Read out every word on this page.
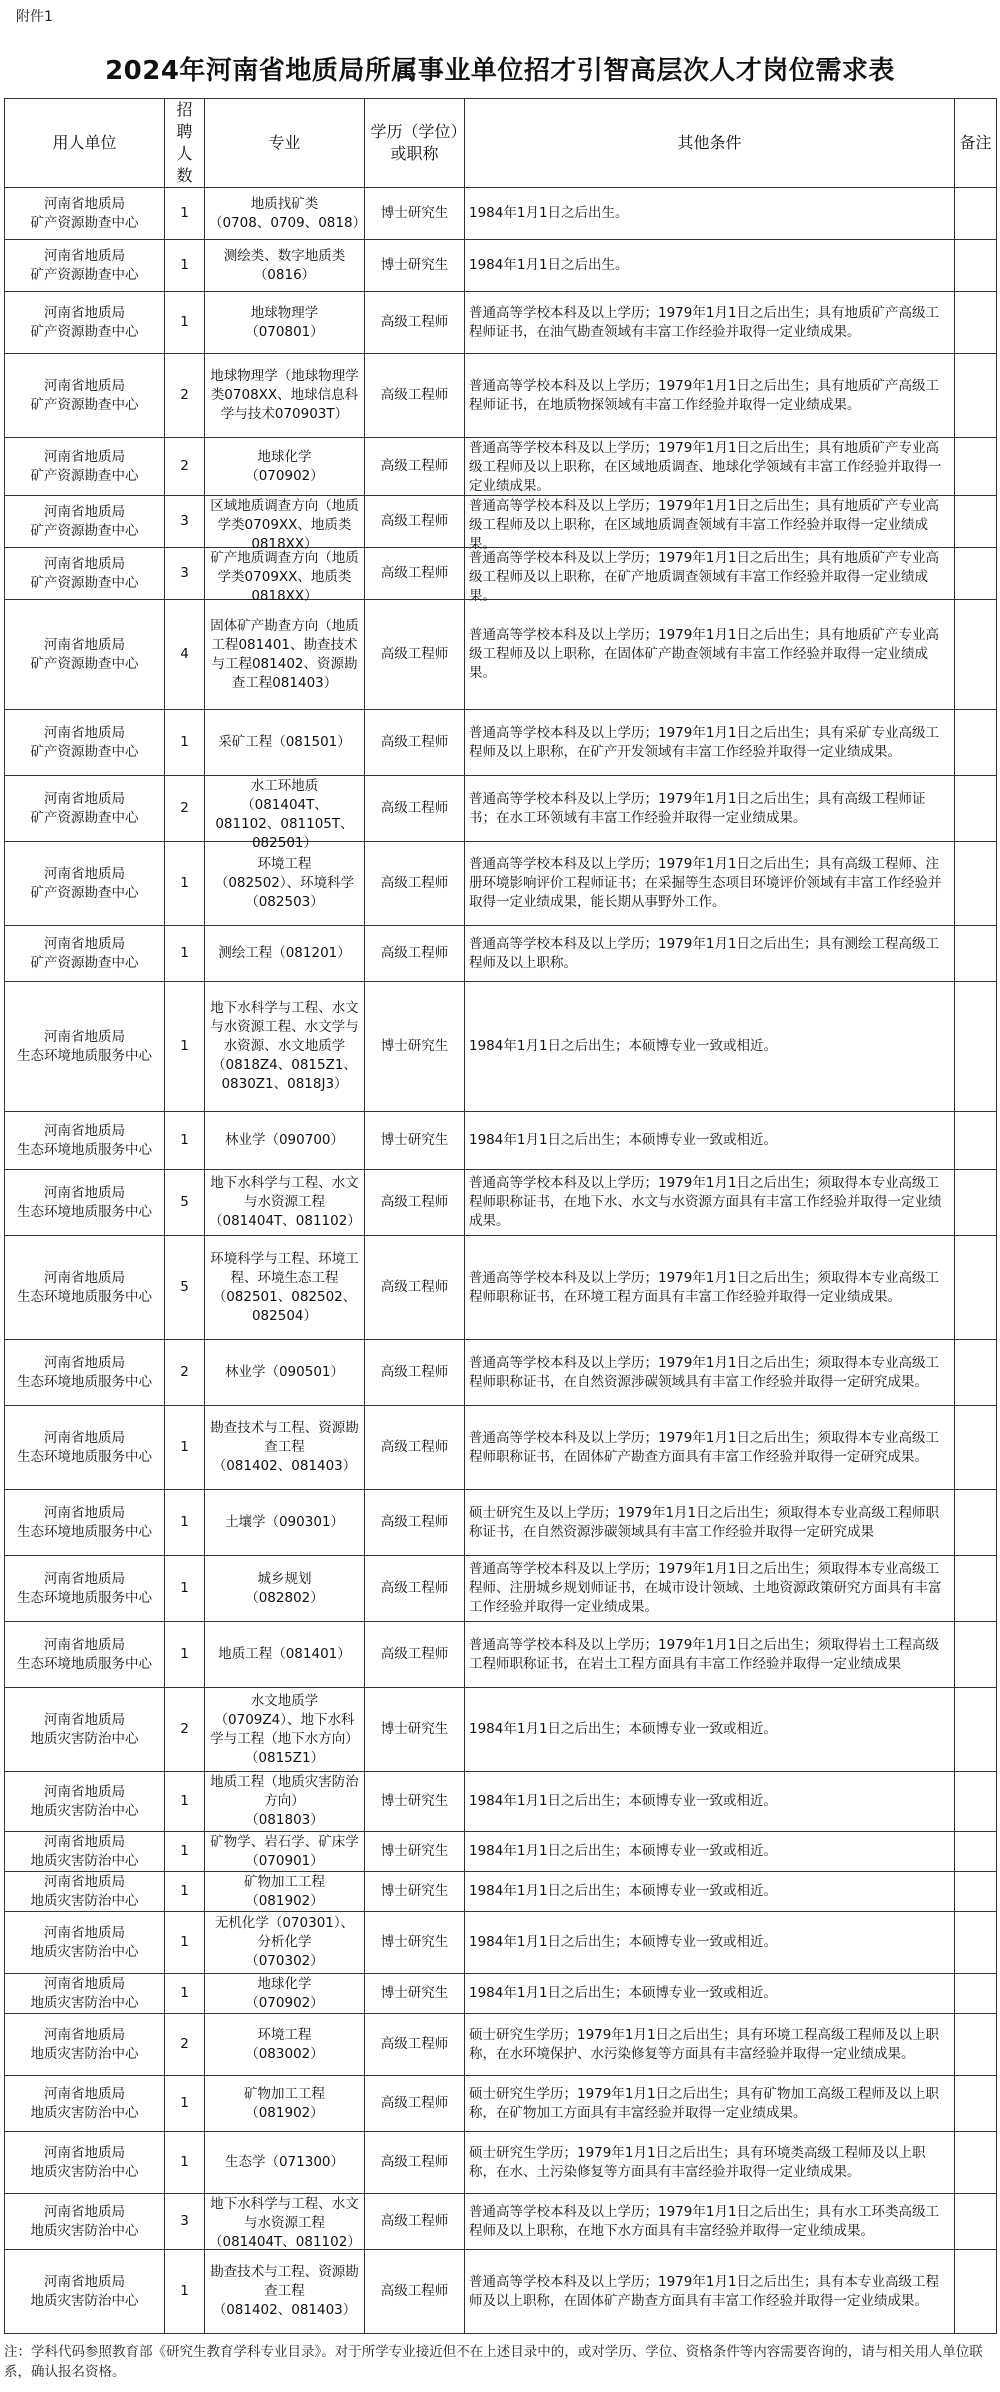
附件1
2024年河南省地质局所属事业单位招才引智高层次人才岗位需求表
用人单位	招聘人数	专业	学历（学位）或职称	其他条件	备注

河南省地质局
矿产资源勘查中心	1	地质找矿类
（0708、0709、0818）	博士研究生	1984年1月1日之后出生。	

河南省地质局
矿产资源勘查中心	1	测绘类、数字地质类
（0816）	博士研究生	1984年1月1日之后出生。	

河南省地质局
矿产资源勘查中心	1	地球物理学
（070801）	高级工程师	普通高等学校本科及以上学历；1979年1月1日之后出生；具有地质矿产高级工程师证书，在油气勘查领域有丰富工作经验并取得一定业绩成果。	

河南省地质局
矿产资源勘查中心	2	地球物理学（地球物理学类0708XX、地球信息科学与技术070903T）	高级工程师	普通高等学校本科及以上学历；1979年1月1日之后出生；具有地质矿产高级工程师证书，在地质物探领域有丰富工作经验并取得一定业绩成果。	

河南省地质局
矿产资源勘查中心	2	地球化学
（070902）	高级工程师	普通高等学校本科及以上学历；1979年1月1日之后出生；具有地质矿产专业高级工程师及以上职称，在区域地质调查、地球化学领域有丰富工作经验并取得一定业绩成果。	

河南省地质局
矿产资源勘查中心	3	区域地质调查方向（地质学类0709XX、地质类0818XX）	高级工程师	普通高等学校本科及以上学历；1979年1月1日之后出生；具有地质矿产专业高级工程师及以上职称，在区域地质调查领域有丰富工作经验并取得一定业绩成果。	

河南省地质局
矿产资源勘查中心	3	矿产地质调查方向（地质学类0709XX、地质类0818XX）	高级工程师	普通高等学校本科及以上学历；1979年1月1日之后出生；具有地质矿产专业高级工程师及以上职称，在矿产地质调查领域有丰富工作经验并取得一定业绩成果。	

河南省地质局
矿产资源勘查中心	4	固体矿产勘查方向（地质工程081401、勘查技术与工程081402、资源勘查工程081403）	高级工程师	普通高等学校本科及以上学历；1979年1月1日之后出生；具有地质矿产专业高级工程师及以上职称，在固体矿产勘查领域有丰富工作经验并取得一定业绩成果。	

河南省地质局
矿产资源勘查中心	1	采矿工程（081501）	高级工程师	普通高等学校本科及以上学历；1979年1月1日之后出生；具有采矿专业高级工程师及以上职称，在矿产开发领域有丰富工作经验并取得一定业绩成果。	

河南省地质局
矿产资源勘查中心	2	水工环地质
（081404T、081102、081105T、082501）	高级工程师	普通高等学校本科及以上学历；1979年1月1日之后出生；具有高级工程师证书；在水工环领域有丰富工作经验并取得一定业绩成果。	

河南省地质局
矿产资源勘查中心	1	环境工程
（082502）、环境科学（082503）	高级工程师	普通高等学校本科及以上学历；1979年1月1日之后出生；具有高级工程师、注册环境影响评价工程师证书；在采掘等生态项目环境评价领域有丰富工作经验并取得一定业绩成果，能长期从事野外工作。	

河南省地质局
矿产资源勘查中心	1	测绘工程（081201）	高级工程师	普通高等学校本科及以上学历；1979年1月1日之后出生；具有测绘工程高级工程师及以上职称。	

河南省地质局
生态环境地质服务中心	1	地下水科学与工程、水文与水资源工程、水文学与水资源、水文地质学
（0818Z4、0815Z1、0830Z1、0818J3）	博士研究生	1984年1月1日之后出生；本硕博专业一致或相近。	

河南省地质局
生态环境地质服务中心	1	林业学（090700）	博士研究生	1984年1月1日之后出生；本硕博专业一致或相近。	

河南省地质局
生态环境地质服务中心	5	地下水科学与工程、水文与水资源工程
（081404T、081102）	高级工程师	普通高等学校本科及以上学历；1979年1月1日之后出生；须取得本专业高级工程师职称证书，在地下水、水文与水资源方面具有丰富工作经验并取得一定业绩成果。	

河南省地质局
生态环境地质服务中心	5	环境科学与工程、环境工程、环境生态工程
（082501、082502、082504）	高级工程师	普通高等学校本科及以上学历；1979年1月1日之后出生；须取得本专业高级工程师职称证书，在环境工程方面具有丰富工作经验并取得一定业绩成果。	

河南省地质局
生态环境地质服务中心	2	林业学（090501）	高级工程师	普通高等学校本科及以上学历；1979年1月1日之后出生；须取得本专业高级工程师职称证书，在自然资源涉碳领域具有丰富工作经验并取得一定研究成果。	

河南省地质局
生态环境地质服务中心	1	勘查技术与工程、资源勘查工程
（081402、081403）	高级工程师	普通高等学校本科及以上学历；1979年1月1日之后出生；须取得本专业高级工程师职称证书，在固体矿产勘查方面具有丰富工作经验并取得一定研究成果。	

河南省地质局
生态环境地质服务中心	1	土壤学（090301）	高级工程师	硕士研究生及以上学历；1979年1月1日之后出生；须取得本专业高级工程师职称证书，在自然资源涉碳领域具有丰富工作经验并取得一定研究成果	

河南省地质局
生态环境地质服务中心	1	城乡规划
（082802）	高级工程师	普通高等学校本科及以上学历；1979年1月1日之后出生；须取得本专业高级工程师、注册城乡规划师证书，在城市设计领域、土地资源政策研究方面具有丰富工作经验并取得一定业绩成果。	

河南省地质局
生态环境地质服务中心	1	地质工程（081401）	高级工程师	普通高等学校本科及以上学历；1979年1月1日之后出生；须取得岩土工程高级工程师职称证书，在岩土工程方面具有丰富工作经验并取得一定业绩成果	

河南省地质局
地质灾害防治中心	2	水文地质学
（0709Z4）、地下水科学与工程（地下水方向）（0815Z1）	博士研究生	1984年1月1日之后出生；本硕博专业一致或相近。	

河南省地质局
地质灾害防治中心	1	地质工程（地质灾害防治方向）
（081803）	博士研究生	1984年1月1日之后出生；本硕博专业一致或相近。	

河南省地质局
地质灾害防治中心	1	矿物学、岩石学、矿床学（070901）	博士研究生	1984年1月1日之后出生；本硕博专业一致或相近。	

河南省地质局
地质灾害防治中心	1	矿物加工工程
（081902）	博士研究生	1984年1月1日之后出生；本硕博专业一致或相近。	

河南省地质局
地质灾害防治中心	1	无机化学（070301）、分析化学
（070302）	博士研究生	1984年1月1日之后出生；本硕博专业一致或相近。	

河南省地质局
地质灾害防治中心	1	地球化学
（070902）	博士研究生	1984年1月1日之后出生；本硕博专业一致或相近。	

河南省地质局
地质灾害防治中心	2	环境工程
（083002）	高级工程师	硕士研究生学历；1979年1月1日之后出生；具有环境工程高级工程师及以上职称，在水环境保护、水污染修复等方面具有丰富经验并取得一定业绩成果。	

河南省地质局
地质灾害防治中心	1	矿物加工工程
（081902）	高级工程师	硕士研究生学历；1979年1月1日之后出生；具有矿物加工高级工程师及以上职称，在矿物加工方面具有丰富经验并取得一定业绩成果。	

河南省地质局
地质灾害防治中心	1	生态学（071300）	高级工程师	硕士研究生学历；1979年1月1日之后出生；具有环境类高级工程师及以上职称，在水、土污染修复等方面具有丰富经验并取得一定业绩成果。	

河南省地质局
地质灾害防治中心	3	地下水科学与工程、水文与水资源工程
（081404T、081102）	高级工程师	普通高等学校本科及以上学历；1979年1月1日之后出生；具有水工环类高级工程师及以上职称，在地下水方面具有丰富经验并取得一定业绩成果。	

河南省地质局
地质灾害防治中心	1	勘查技术与工程、资源勘查工程
（081402、081403）	高级工程师	普通高等学校本科及以上学历；1979年1月1日之后出生；具有本专业高级工程师及以上职称，在固体矿产勘查方面具有丰富工作经验并取得一定业绩成果。	

注：学科代码参照教育部《研究生教育学科专业目录》。对于所学专业接近但不在上述目录中的，或对学历、学位、资格条件等内容需要咨询的，请与相关用人单位联系，确认报名资格。
